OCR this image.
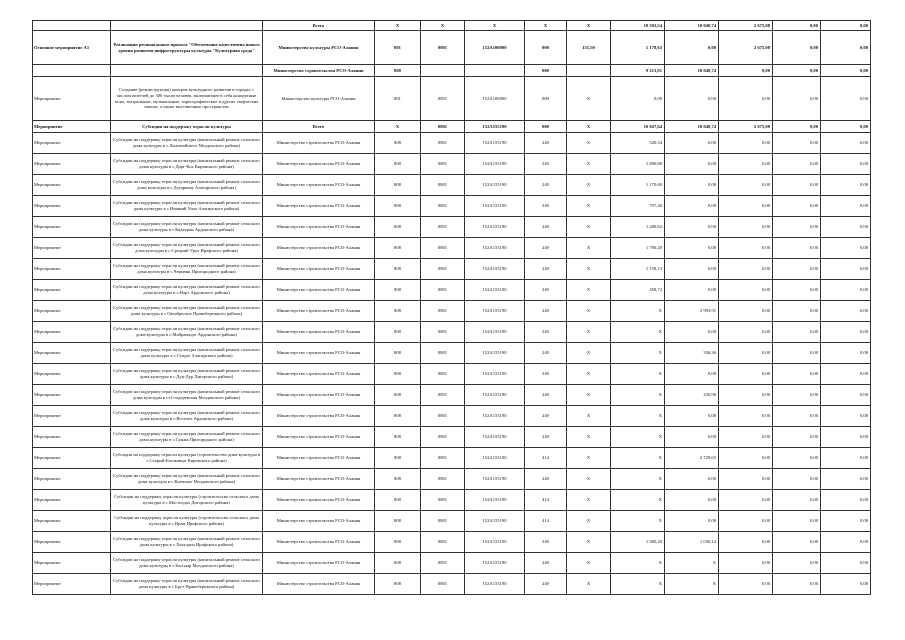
		Всего	X	X	X	X	X	10 392,54	10 040,74	2 675,08	0,00	0,00
Основное мероприятие А1	Реализация регионального проекта "Обеспечение качественно нового уровня развития инфраструктуры культуры "Культурная среда"	Министерство культуры РСО-Алания	801	0801	152А100000	000	151,50	1 178,63	0,00	2 675,08	0,00	0,00
		Министерство строительства РСО-Алания	808			000		9 213,91	10 040,74	0,00	0,00	0,00
Мероприятие	Создание (реконструкция) центров культурного развития в городах с числом жителей до 300 тысяч человек, включающее в себя концертные залы, театральные, музыкальные, хореографические и другие творческие школы, а также выставочные пространства	Министерство культуры РСО-Алания	801	0801	152А100000	000	X	0,00	0,00	0,00	0,00	0,00
Мероприятие	Субсидии на поддержку отрасли культуры	Всего	X	0801	152А155190	000	X	10 047,64	10 040,74	2 675,08	0,00	0,00
Мероприятие	Субсидии на поддержку отрасли культуры (капитальный ремонт сельского дома культуры в с.Лыхомайского Моздокского района)	Министерство строительства РСО-Алания	808	0801	152А155190	240	X	520,34	0,00	0,00	0,00	0,00
Мероприятие	Субсидии на поддержку отрасли культуры (капитальный ремонт сельского дома культуры в с.Дарг-Кох Кировского района)	Министерство строительства РСО-Алания	808	0801	152А155190	240	X	1 690,80	0,00	0,00	0,00	0,00
Мероприятие	Субсидии на поддержку отрасли культуры (капитальный ремонт сельского дома культуры в с.Дзуарикау Алагирского района)	Министерство строительства РСО-Алания	808	0801	152А155190	240	X	1 170,60	0,00	0,00	0,00	0,00
Мероприятие	Субсидии на поддержку отрасли культуры (капитальный ремонт сельского дома культуры в с.Нижний Унал Алагирского района)	Министерство строительства РСО-Алания	808	0801	152А155190	240	X	797,40	0,00	0,00	0,00	0,00
Мероприятие	Субсидии на поддержку отрасли культуры (капитальный ремонт сельского дома культуры в с.Кадгарон Ардонского района)	Министерство строительства РСО-Алания	808	0801	152А155190	240	X	1 286,82	0,00	0,00	0,00	0,00
Мероприятие	Субсидии на поддержку отрасли культуры (капитальный ремонт сельского дома культуры в с.Средний Урух Ирафского района)	Министерство строительства РСО-Алания	808	0801	152А155190	240	X	1 780,20	0,00	0,00	0,00	0,00
Мероприятие	Субсидии на поддержку отрасли культуры (капитальный ремонт сельского дома культуры в с.Черменк Пригородного района)	Министерство строительства РСО-Алания	808	0801	152А155190	240	X	1 158,13	0,00	0,00	0,00	0,00
Мероприятие	Субсидии на поддержку отрасли культуры (капитальный ремонт сельского дома культуры в с.Нарт Ардонского района)	Министерство строительства РСО-Алания	808	0801	152А155190	240	X	458,72	0,00	0,00	0,00	0,00
Мероприятие	Субсидии на поддержку отрасли культуры (капитальный ремонт сельского дома культуры в с.Октябрьское Правобережного района)	Министерство строительства РСО-Алания	808	0801	152А155190	240	X	X	2 993,91	0,00	0,00	0,00
Мероприятие	Субсидии на поддержку отрасли культуры (капитальный ремонт сельского дома культуры в с.Майрамадаг Ардонского района)	Министерство строительства РСО-Алания	808	0801	152А155190	240	X	X	0,00	0,00	0,00	0,00
Мероприятие	Субсидии на поддержку отрасли культуры (капитальный ремонт сельского дома культуры в с.Суадаг Алагирского района)	Министерство строительства РСО-Алания	808	0801	152А155190	240	X	X	336,36	0,00	0,00	0,00
Мероприятие	Субсидии на поддержку отрасли культуры (капитальный ремонт сельского дома культуры в с.Дур-Дур Дигорского района)	Министерство строительства РСО-Алания	808	0801	152А155190	240	X	X	0,00	0,00	0,00	0,00
Мероприятие	Субсидии на поддержку отрасли культуры (капитальный ремонт сельского дома культуры в ст.Стодеревская Моздокского района)	Министерство строительства РСО-Алания	808	0801	152А155190	240	X	X	230,96	0,00	0,00	0,00
Мероприятие	Субсидии на поддержку отрасли культуры (капитальный ремонт сельского дома культуры в с.Веселое Ардонского района)	Министерство строительства РСО-Алания	808	0801	152А155190	240	X	X	0,00	0,00	0,00	0,00
Мероприятие	Субсидии на поддержку отрасли культуры (капитальный ремонт сельского дома культуры в с.Сунжа Пригородного района)	Министерство строительства РСО-Алания	808	0801	152А155190	240	X	X	0,00	0,00	0,00	0,00
Мероприятие	Субсидии на поддержку отрасли культуры (строительство дома культуры в с.Старый-Батакаюрт Кировского района)	Министерство строительства РСО-Алания	808	0801	152А155190	414	X	X	2 729,65	0,00	0,00	0,00
Мероприятие	Субсидии на поддержку отрасли культуры (капитальный ремонт сельского дома культуры в с.Киевское Моздокского района)	Министерство строительства РСО-Алания	808	0801	152А155190	240	X	X	0,00	0,00	0,00	0,00
Мероприятие	Субсидии на поддержку отрасли культуры (строительство сельского дома культуры в с.Мостиздах Дигорского района)	Министерство строительства РСО-Алания	808	0801	152А155190	414	X	X	0,00	0,00	0,00	0,00
Мероприятие	Субсидии на поддержку отрасли культуры (строительство сельского дома культуры в с.Ирам Ирафского района)	Министерство строительства РСО-Алания	808	0801	152А155190	414	X	X	0,00	0,00	0,00	0,00
Мероприятие	Субсидии на поддержку отрасли культуры (капитальный ремонт сельского дома культуры в с.Хаталдон Ирафского района)	Министерство строительства РСО-Алания	808	0801	152А155190	240	X	1 380,20	1 036,12	0,00	0,00	0,00
Мероприятие	Субсидии на поддержку отрасли культуры (капитальный ремонт сельского дома культуры в с.Бесплар Моздокского района)	Министерство строительства РСО-Алания	808	0801	152А155190	240	X	X	X	0,00	0,00	0,00
Мероприятие	Субсидии на поддержку отрасли культуры (капитальный ремонт сельского дома культуры в с.Брут Правобережного района)	Министерство строительства РСО-Алания	808	0801	152А155190	240	X	X	X	0,00	0,00	0,00
